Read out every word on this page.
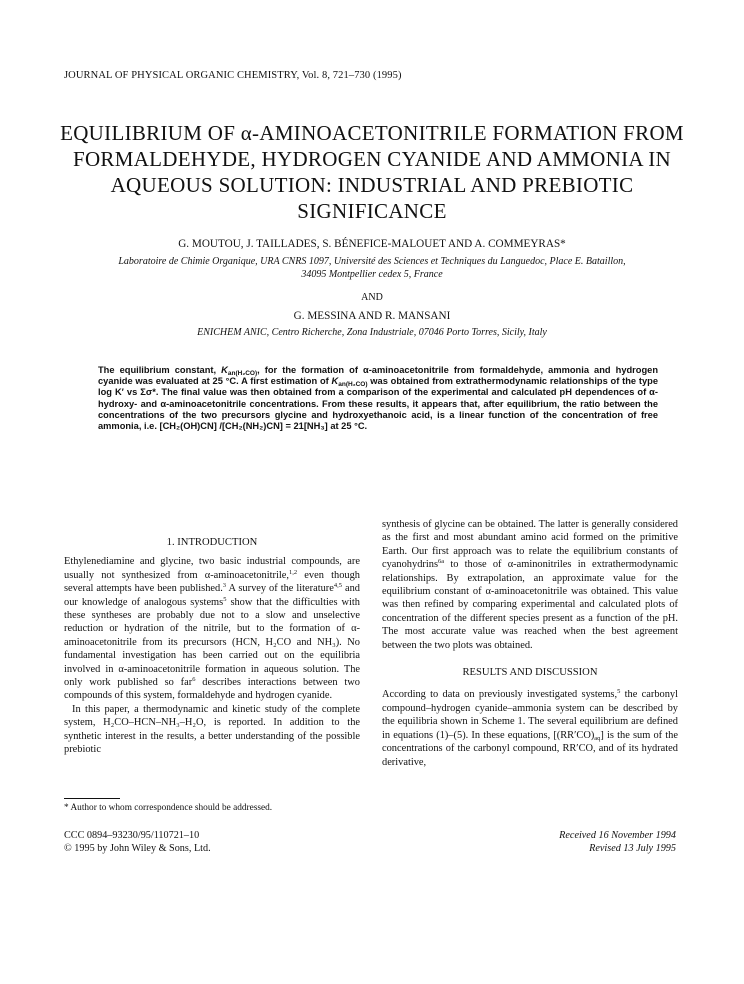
JOURNAL OF PHYSICAL ORGANIC CHEMISTRY, Vol. 8, 721–730 (1995)
EQUILIBRIUM OF α-AMINOACETONITRILE FORMATION FROM
FORMALDEHYDE, HYDROGEN CYANIDE AND AMMONIA IN
AQUEOUS SOLUTION: INDUSTRIAL AND PREBIOTIC
SIGNIFICANCE
G. MOUTOU, J. TAILLADES, S. BÉNEFICE-MALOUET AND A. COMMEYRAS*
Laboratoire de Chimie Organique, URA CNRS 1097, Université des Sciences et Techniques du Languedoc, Place E. Bataillon,
34095 Montpellier cedex 5, France
AND
G. MESSINA AND R. MANSANI
ENICHEM ANIC, Centro Richerche, Zona Industriale, 07046 Porto Torres, Sicily, Italy
The equilibrium constant, $K_{an(H_2CO)}$, for the formation of α-aminoacetonitrile from formaldehyde, ammonia and hydrogen cyanide was evaluated at 25 °C. A first estimation of $K_{an(H_2CO)}$ was obtained from extrathermodynamic relationships of the type log K′ vs Σσ*. The final value was then obtained from a comparison of the experimental and calculated pH dependences of α-hydroxy- and α-aminoacetonitrile concentrations. From these results, it appears that, after equilibrium, the ratio between the concentrations of the two precursors glycine and hydroxyethanoic acid, is a linear function of the concentration of free ammonia, i.e. [CH₂(OH)CN] /[CH₂(NH₂)CN] = 21[NH₃] at 25 °C.
1. INTRODUCTION

Ethylenediamine and glycine, two basic industrial compounds, are usually not synthesized from α-aminoacetonitrile,$^{1,2}$ even though several attempts have been published.$^3$ A survey of the literature$^{4,5}$ and our knowledge of analogous systems$^5$ show that the difficulties with these syntheses are probably due not to a slow and unselective reduction or hydration of the nitrile, but to the formation of α-aminoacetonitrile from its precursors (HCN, H₂CO and NH₃). No fundamental investigation has been carried out on the equilibria involved in α-aminoacetonitrile formation in aqueous solution. The only work published so far$^6$ describes interactions between two compounds of this system, formaldehyde and hydrogen cyanide.

In this paper, a thermodynamic and kinetic study of the complete system, H₂CO–HCN–NH₃–H₂O, is reported. In addition to the synthetic interest in the results, a better understanding of the possible prebiotic

synthesis of glycine can be obtained. The latter is generally considered as the first and most abundant amino acid formed on the primitive Earth. Our first approach was to relate the equilibrium constants of cyanohydrins$^{6a}$ to those of α-aminonitriles in extrathermodynamic relationships. By extrapolation, an approximate value for the equilibrium constant of α-aminoacetonitrile was obtained. This value was then refined by comparing experimental and calculated plots of concentration of the different species present as a function of the pH. The most accurate value was reached when the best agreement between the two plots was obtained.

RESULTS AND DISCUSSION

According to data on previously investigated systems,$^5$ the carbonyl compound–hydrogen cyanide–ammonia system can be described by the equilibria shown in Scheme 1. The several equilibrium are defined in equations (1)–(5). In these equations, $[(RR'CO)_{aq}]$ is the sum of the concentrations of the carbonyl compound, RR′CO, and of its hydrated derivative,

* Author to whom correspondence should be addressed.
CCC 0894–93230/95/110721–10
© 1995 by John Wiley & Sons, Ltd.
Received 16 November 1994
Revised 13 July 1995
